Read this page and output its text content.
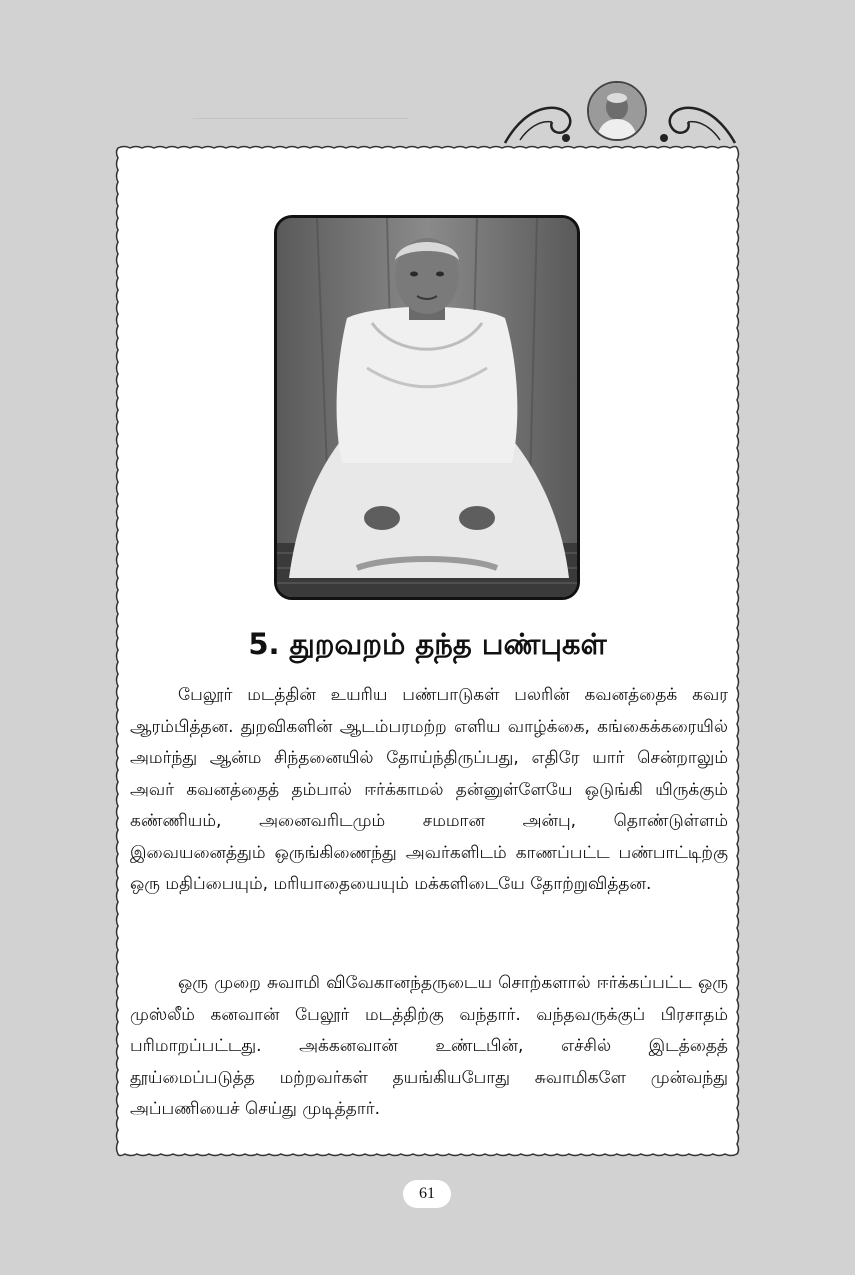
5. துறவறம் தந்த பண்புகள்

பேலூர் மடத்தின் உயரிய பண்பாடுகள் பலரின் கவனத்தைக் கவர ஆரம்பித்தன. துறவிகளின் ஆடம்பரமற்ற எளிய வாழ்க்கை, கங்கைக்கரையில் அமர்ந்து ஆன்ம சிந்தனையில் தோய்ந்திருப்பது, எதிரே யார் சென்றாலும் அவர் கவனத்தைத் தம்பால் ஈர்க்காமல் தன்னுள்ளேயே ஒடுங்கி யிருக்கும் கண்ணியம், அனைவரிடமும் சமமான அன்பு, தொண்டுள்ளம் இவையனைத்தும் ஒருங்கிணைந்து அவர்களிடம் காணப்பட்ட பண்பாட்டிற்கு ஒரு மதிப்பையும், மரியாதையையும் மக்களிடையே தோற்றுவித்தன.

ஒரு முறை சுவாமி விவேகானந்தருடைய சொற்களால் ஈர்க்கப்பட்ட ஒரு முஸ்லீம் கனவான் பேலூர் மடத்திற்கு வந்தார். வந்தவருக்குப் பிரசாதம் பரிமாறப்பட்டது. அக்கனவான் உண்டபின், எச்சில் இடத்தைத் தூய்மைப்படுத்த மற்றவர்கள் தயங்கியபோது சுவாமிகளே முன்வந்து அப்பணியைச் செய்து முடித்தார்.

61
